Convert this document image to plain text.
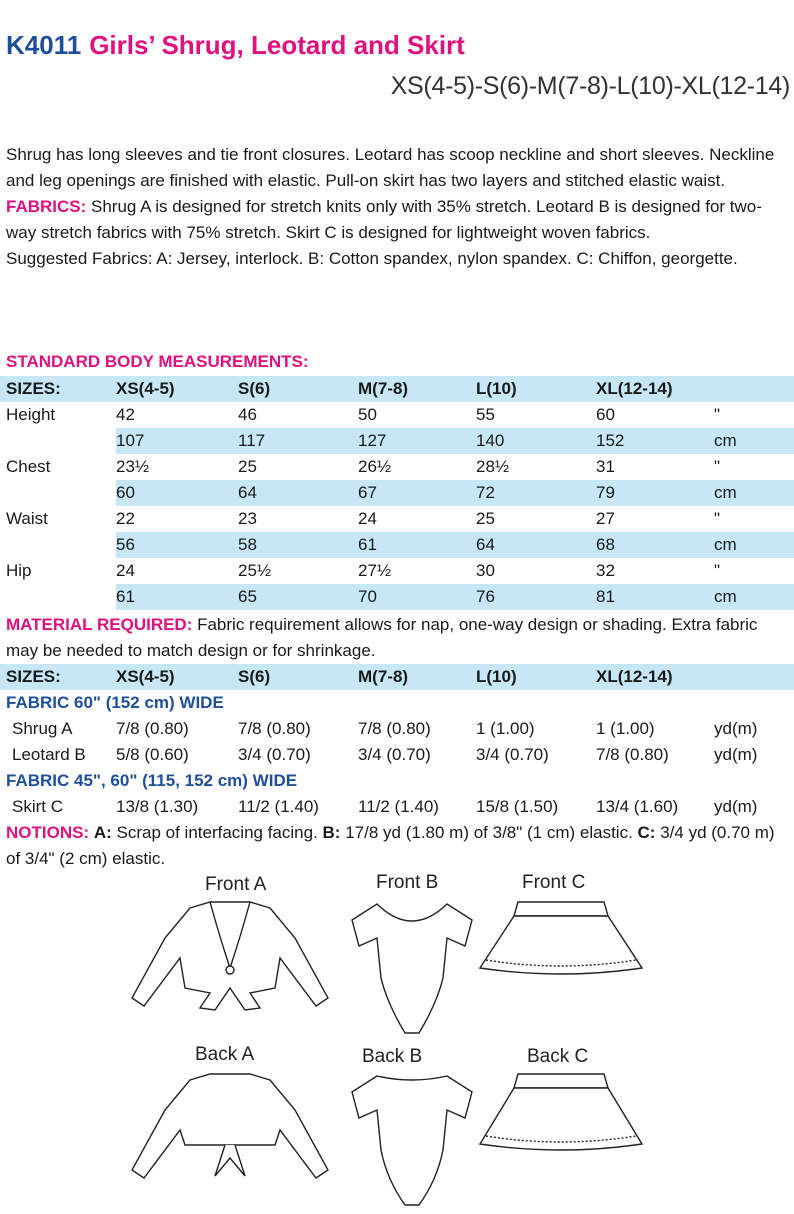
K4011 Girls’ Shrug, Leotard and Skirt
XS(4-5)-S(6)-M(7-8)-L(10)-XL(12-14)

Shrug has long sleeves and tie front closures. Leotard has scoop neckline and short sleeves. Neckline and leg openings are finished with elastic. Pull-on skirt has two layers and stitched elastic waist.

FABRICS: Shrug A is designed for stretch knits only with 35% stretch. Leotard B is designed for two-way stretch fabrics with 75% stretch. Skirt C is designed for lightweight woven fabrics.

Suggested Fabrics: A: Jersey, interlock. B: Cotton spandex, nylon spandex. C: Chiffon, georgette.

STANDARD BODY MEASUREMENTS:
SIZES:	XS(4-5)	S(6)	M(7-8)	L(10)	XL(12-14)	
Height	42	46	50	55	60	"
	107	117	127	140	152	cm
Chest	23½	25	26½	28½	31	"
	60	64	67	72	79	cm
Waist	22	23	24	25	27	"
	56	58	61	64	68	cm
Hip	24	25½	27½	30	32	"
	61	65	70	76	81	cm

MATERIAL REQUIRED: Fabric requirement allows for nap, one-way design or shading. Extra fabric may be needed to match design or for shrinkage.

SIZES:	XS(4-5)	S(6)	M(7-8)	L(10)	XL(12-14)	
FABRIC 60" (152 cm) WIDE						
Shrug A	7/8 (0.80)	7/8 (0.80)	7/8 (0.80)	1 (1.00)	1 (1.00)	yd(m)
Leotard B	5/8 (0.60)	3/4 (0.70)	3/4 (0.70)	3/4 (0.70)	7/8 (0.80)	yd(m)
FABRIC 45", 60" (115, 152 cm) WIDE						
Skirt C	13/8 (1.30)	11/2 (1.40)	11/2 (1.40)	15/8 (1.50)	13/4 (1.60)	yd(m)

NOTIONS: A: Scrap of interfacing facing. B: 17/8 yd (1.80 m) of 3/8" (1 cm) elastic. C: 3/4 yd (0.70 m) of 3/4" (2 cm) elastic.

Front A	Front B	Front C
Back A	Back B	Back C
